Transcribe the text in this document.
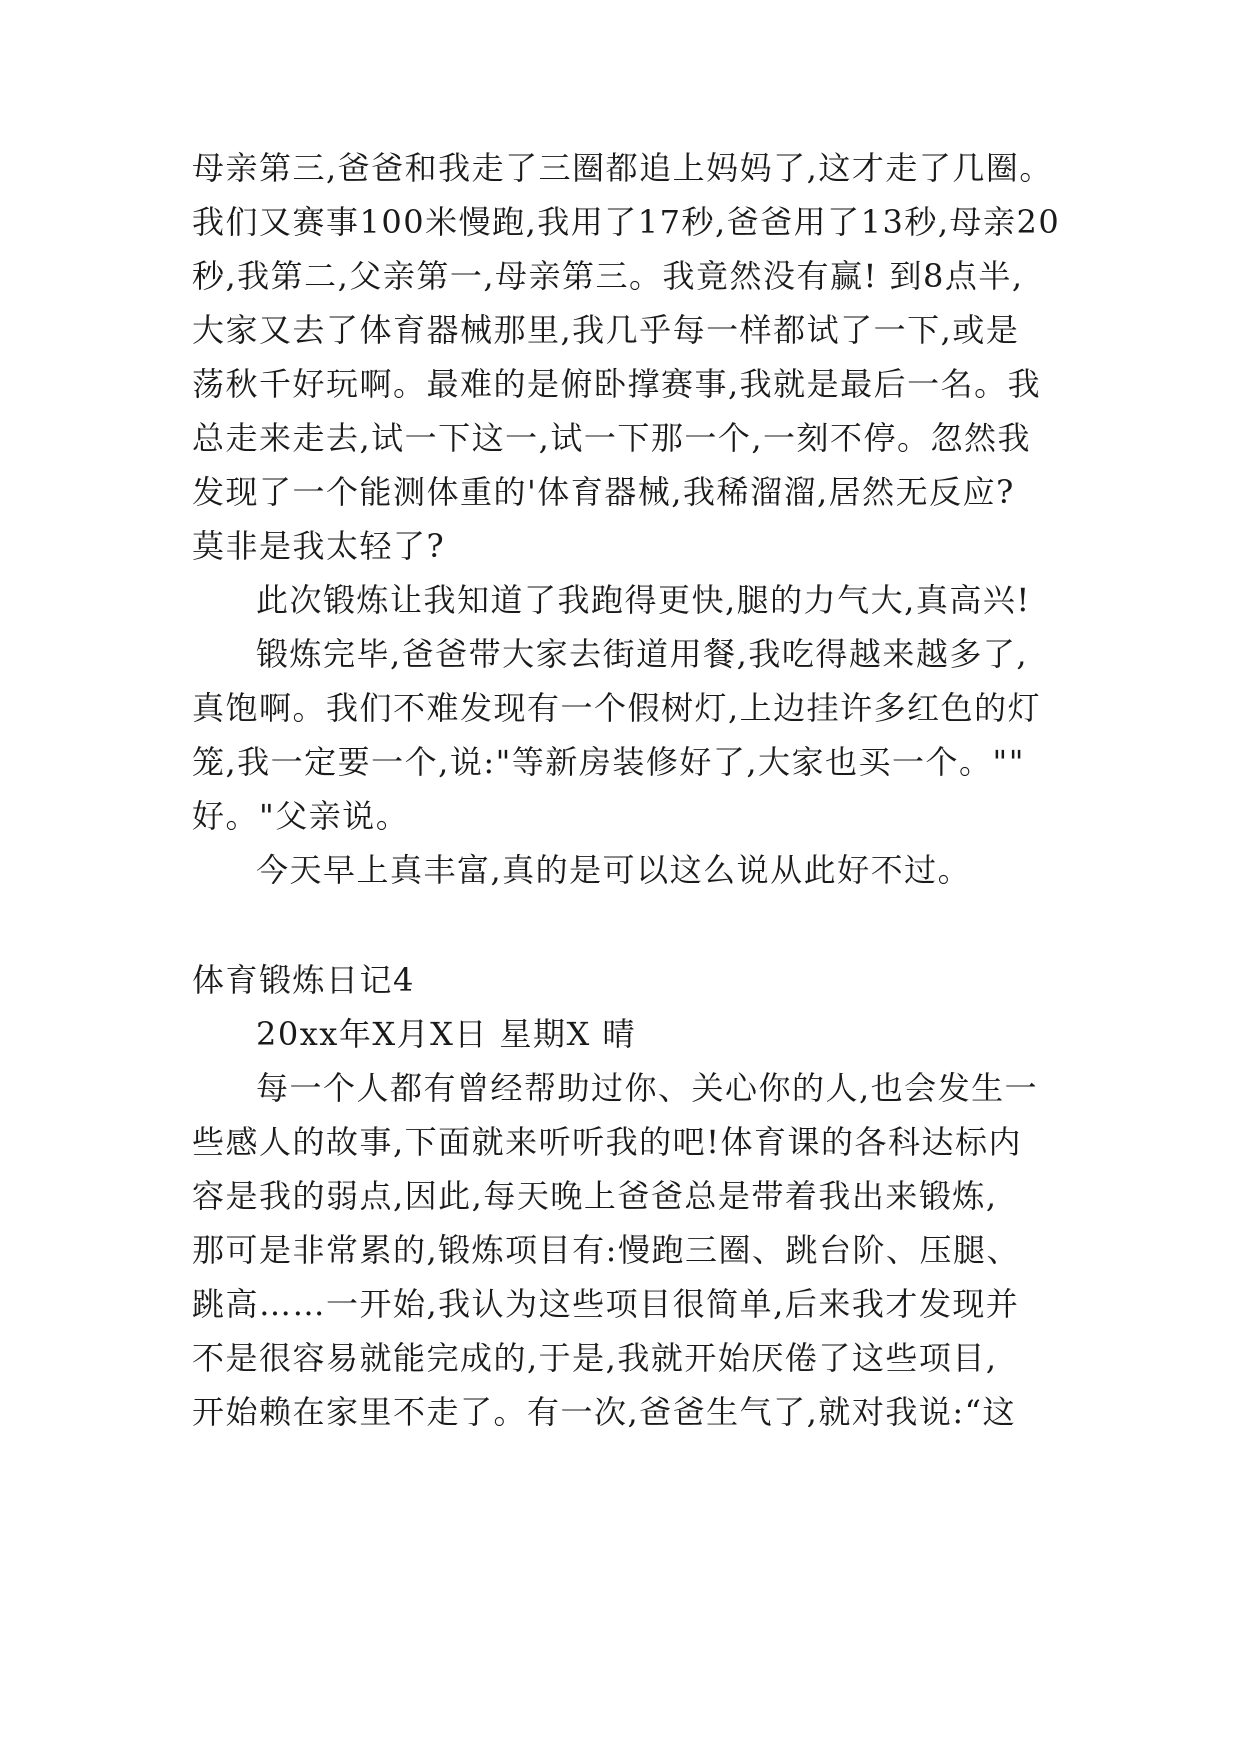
母亲第三,爸爸和我走了三圈都追上妈妈了,这才走了几圈。
我们又赛事100米慢跑,我用了17秒,爸爸用了13秒,母亲20
秒,我第二,父亲第一,母亲第三。我竟然没有赢! 到8点半,
大家又去了体育器械那里,我几乎每一样都试了一下,或是
荡秋千好玩啊。最难的是俯卧撑赛事,我就是最后一名。我
总走来走去,试一下这一,试一下那一个,一刻不停。忽然我
发现了一个能测体重的'体育器械,我稀溜溜,居然无反应?
莫非是我太轻了?
此次锻炼让我知道了我跑得更快,腿的力气大,真高兴!
锻炼完毕,爸爸带大家去街道用餐,我吃得越来越多了,
真饱啊。我们不难发现有一个假树灯,上边挂许多红色的灯
笼,我一定要一个,说:"等新房装修好了,大家也买一个。""
好。"父亲说。
今天早上真丰富,真的是可以这么说从此好不过。
体育锻炼日记4
20xx年X月X日 星期X 晴
每一个人都有曾经帮助过你、关心你的人,也会发生一
些感人的故事,下面就来听听我的吧!体育课的各科达标内
容是我的弱点,因此,每天晚上爸爸总是带着我出来锻炼,
那可是非常累的,锻炼项目有:慢跑三圈、跳台阶、压腿、
跳高……一开始,我认为这些项目很简单,后来我才发现并
不是很容易就能完成的,于是,我就开始厌倦了这些项目,
开始赖在家里不走了。有一次,爸爸生气了,就对我说:“这
